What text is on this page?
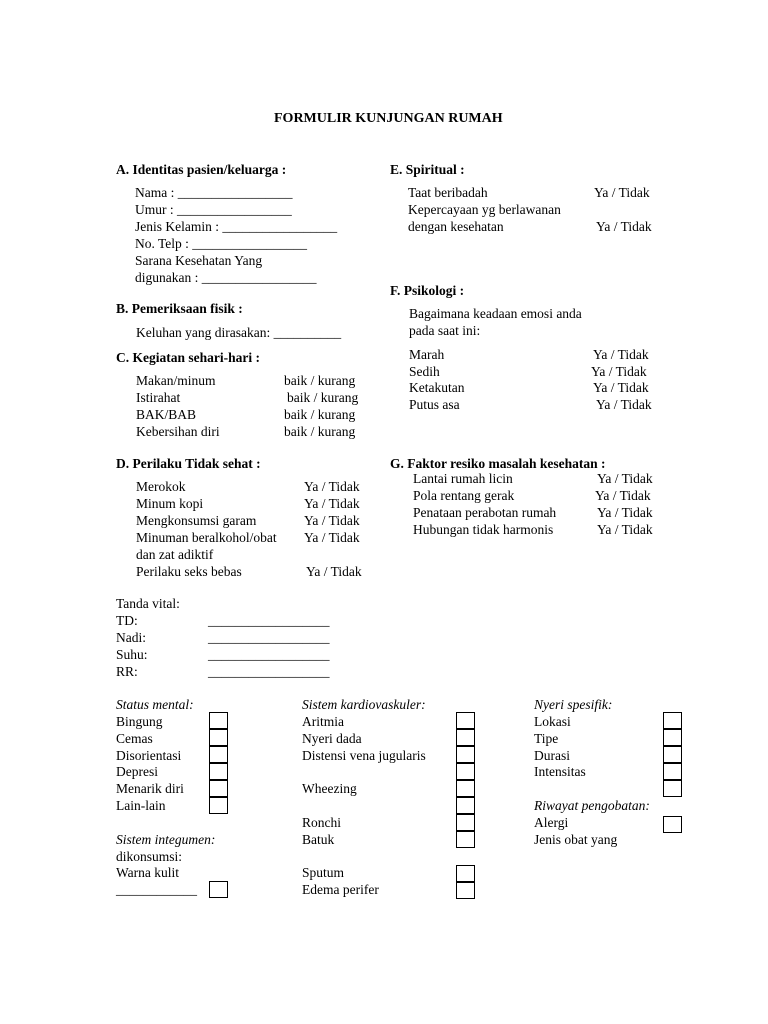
FORMULIR KUNJUNGAN RUMAH
A. Identitas pasien/keluarga :
Nama : _________________
Umur : _________________
Jenis Kelamin : _________________
No. Telp : _________________
Sarana Kesehatan Yang
digunakan : _________________
B. Pemeriksaan fisik :
Keluhan yang dirasakan: __________
C. Kegiatan sehari-hari :
Makan/minum	baik / kurang
Istirahat	baik / kurang
BAK/BAB	baik / kurang
Kebersihan diri	baik / kurang
D. Perilaku Tidak sehat :
Merokok	Ya / Tidak
Minum kopi	Ya / Tidak
Mengkonsumsi garam	Ya / Tidak
Minuman beralkohol/obat Ya / Tidak
dan zat adiktif
Perilaku seks bebas	Ya / Tidak
E. Spiritual :
Taat beribadah	Ya / Tidak
Kepercayaan yg berlawanan
dengan kesehatan	Ya / Tidak
F. Psikologi :
Bagaimana keadaan emosi anda
pada saat ini:
Marah	Ya / Tidak
Sedih	Ya / Tidak
Ketakutan	Ya / Tidak
Putus asa	Ya / Tidak
G. Faktor resiko masalah kesehatan :
Lantai rumah licin	Ya / Tidak
Pola rentang gerak	Ya / Tidak
Penataan perabotan rumah	Ya / Tidak
Hubungan tidak harmonis	Ya / Tidak
Tanda vital:
TD:	__________________
Nadi:	__________________
Suhu:	__________________
RR:	__________________
Status mental:
Bingung
Cemas
Disorientasi
Depresi
Menarik diri
Lain-lain
Sistem integumen:
dikonsumsi:
Warna kulit
____________
Sistem kardiovaskuler:
Aritmia
Nyeri dada
Distensi vena jugularis
Wheezing
Ronchi
Batuk
Sputum
Edema perifer
Nyeri spesifik:
Lokasi
Tipe
Durasi
Intensitas
Riwayat pengobatan:
Alergi
Jenis obat yang
